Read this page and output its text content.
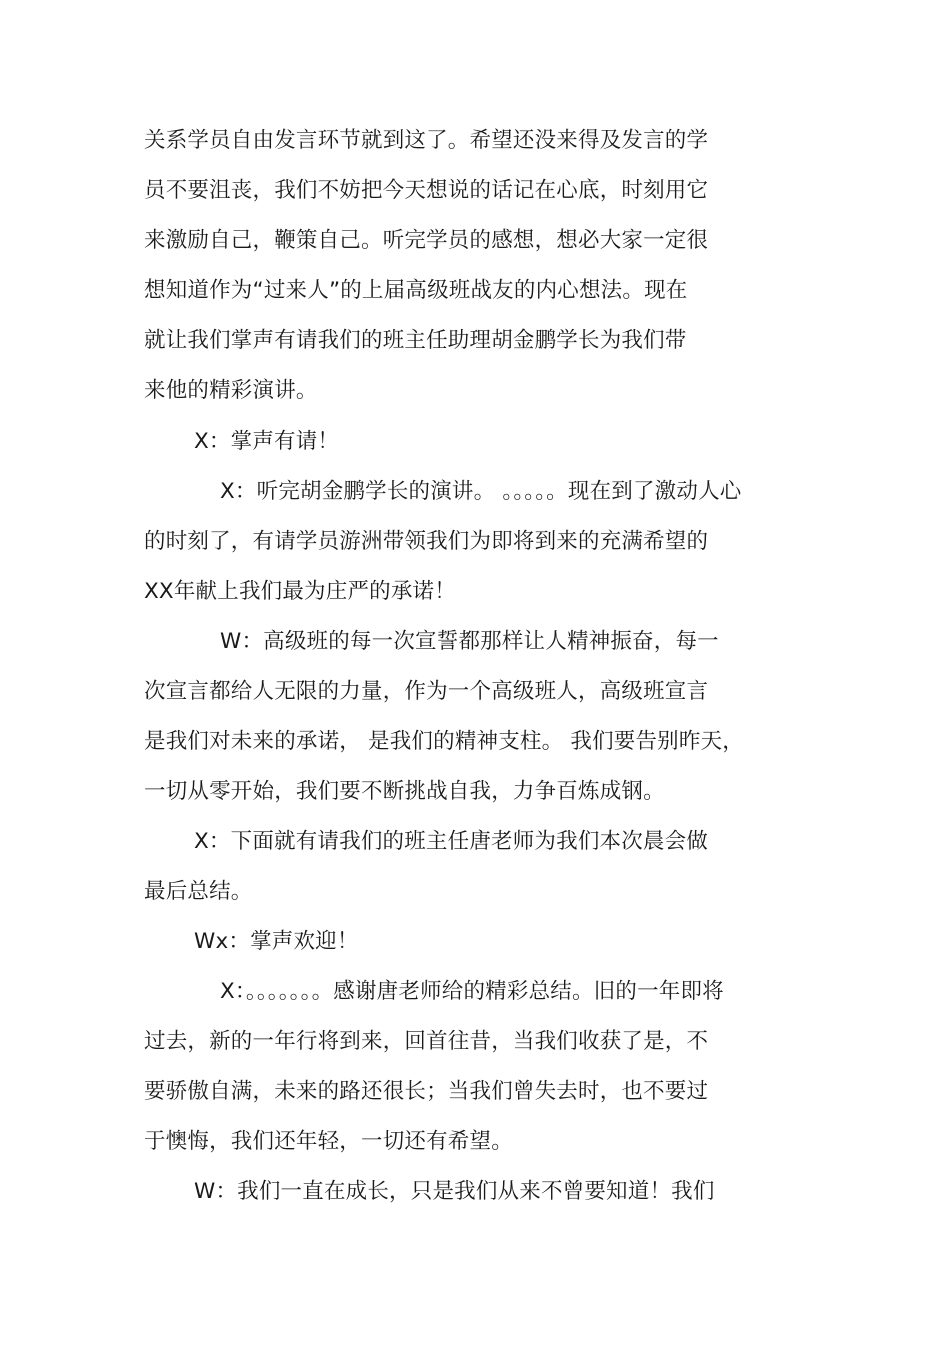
关系学员自由发言环节就到这了。希望还没来得及发言的学
员不要沮丧，我们不妨把今天想说的话记在心底，时刻用它
来激励自己，鞭策自己。听完学员的感想，想必大家一定很
想知道作为“过来人”的上届高级班战友的内心想法。现在
就让我们掌声有请我们的班主任助理胡金鹏学长为我们带
来他的精彩演讲。
X：掌声有请！
X：听完胡金鹏学长的演讲。 。。。。。现在到了激动人心
的时刻了，有请学员游洲带领我们为即将到来的充满希望的
XX年献上我们最为庄严的承诺！
W：高级班的每一次宣誓都那样让人精神振奋，每一
次宣言都给人无限的力量，作为一个高级班人，高级班宣言
是我们对未来的承诺， 是我们的精神支柱。 我们要告别昨天，
一切从零开始，我们要不断挑战自我，力争百炼成钢。
X：下面就有请我们的班主任唐老师为我们本次晨会做
最后总结。
Wx：掌声欢迎！
X：。。。。。。。感谢唐老师给的精彩总结。旧的一年即将
过去，新的一年行将到来，回首往昔，当我们收获了是，不
要骄傲自满，未来的路还很长；当我们曾失去时，也不要过
于懊悔，我们还年轻，一切还有希望。
W：我们一直在成长，只是我们从来不曾要知道！我们
